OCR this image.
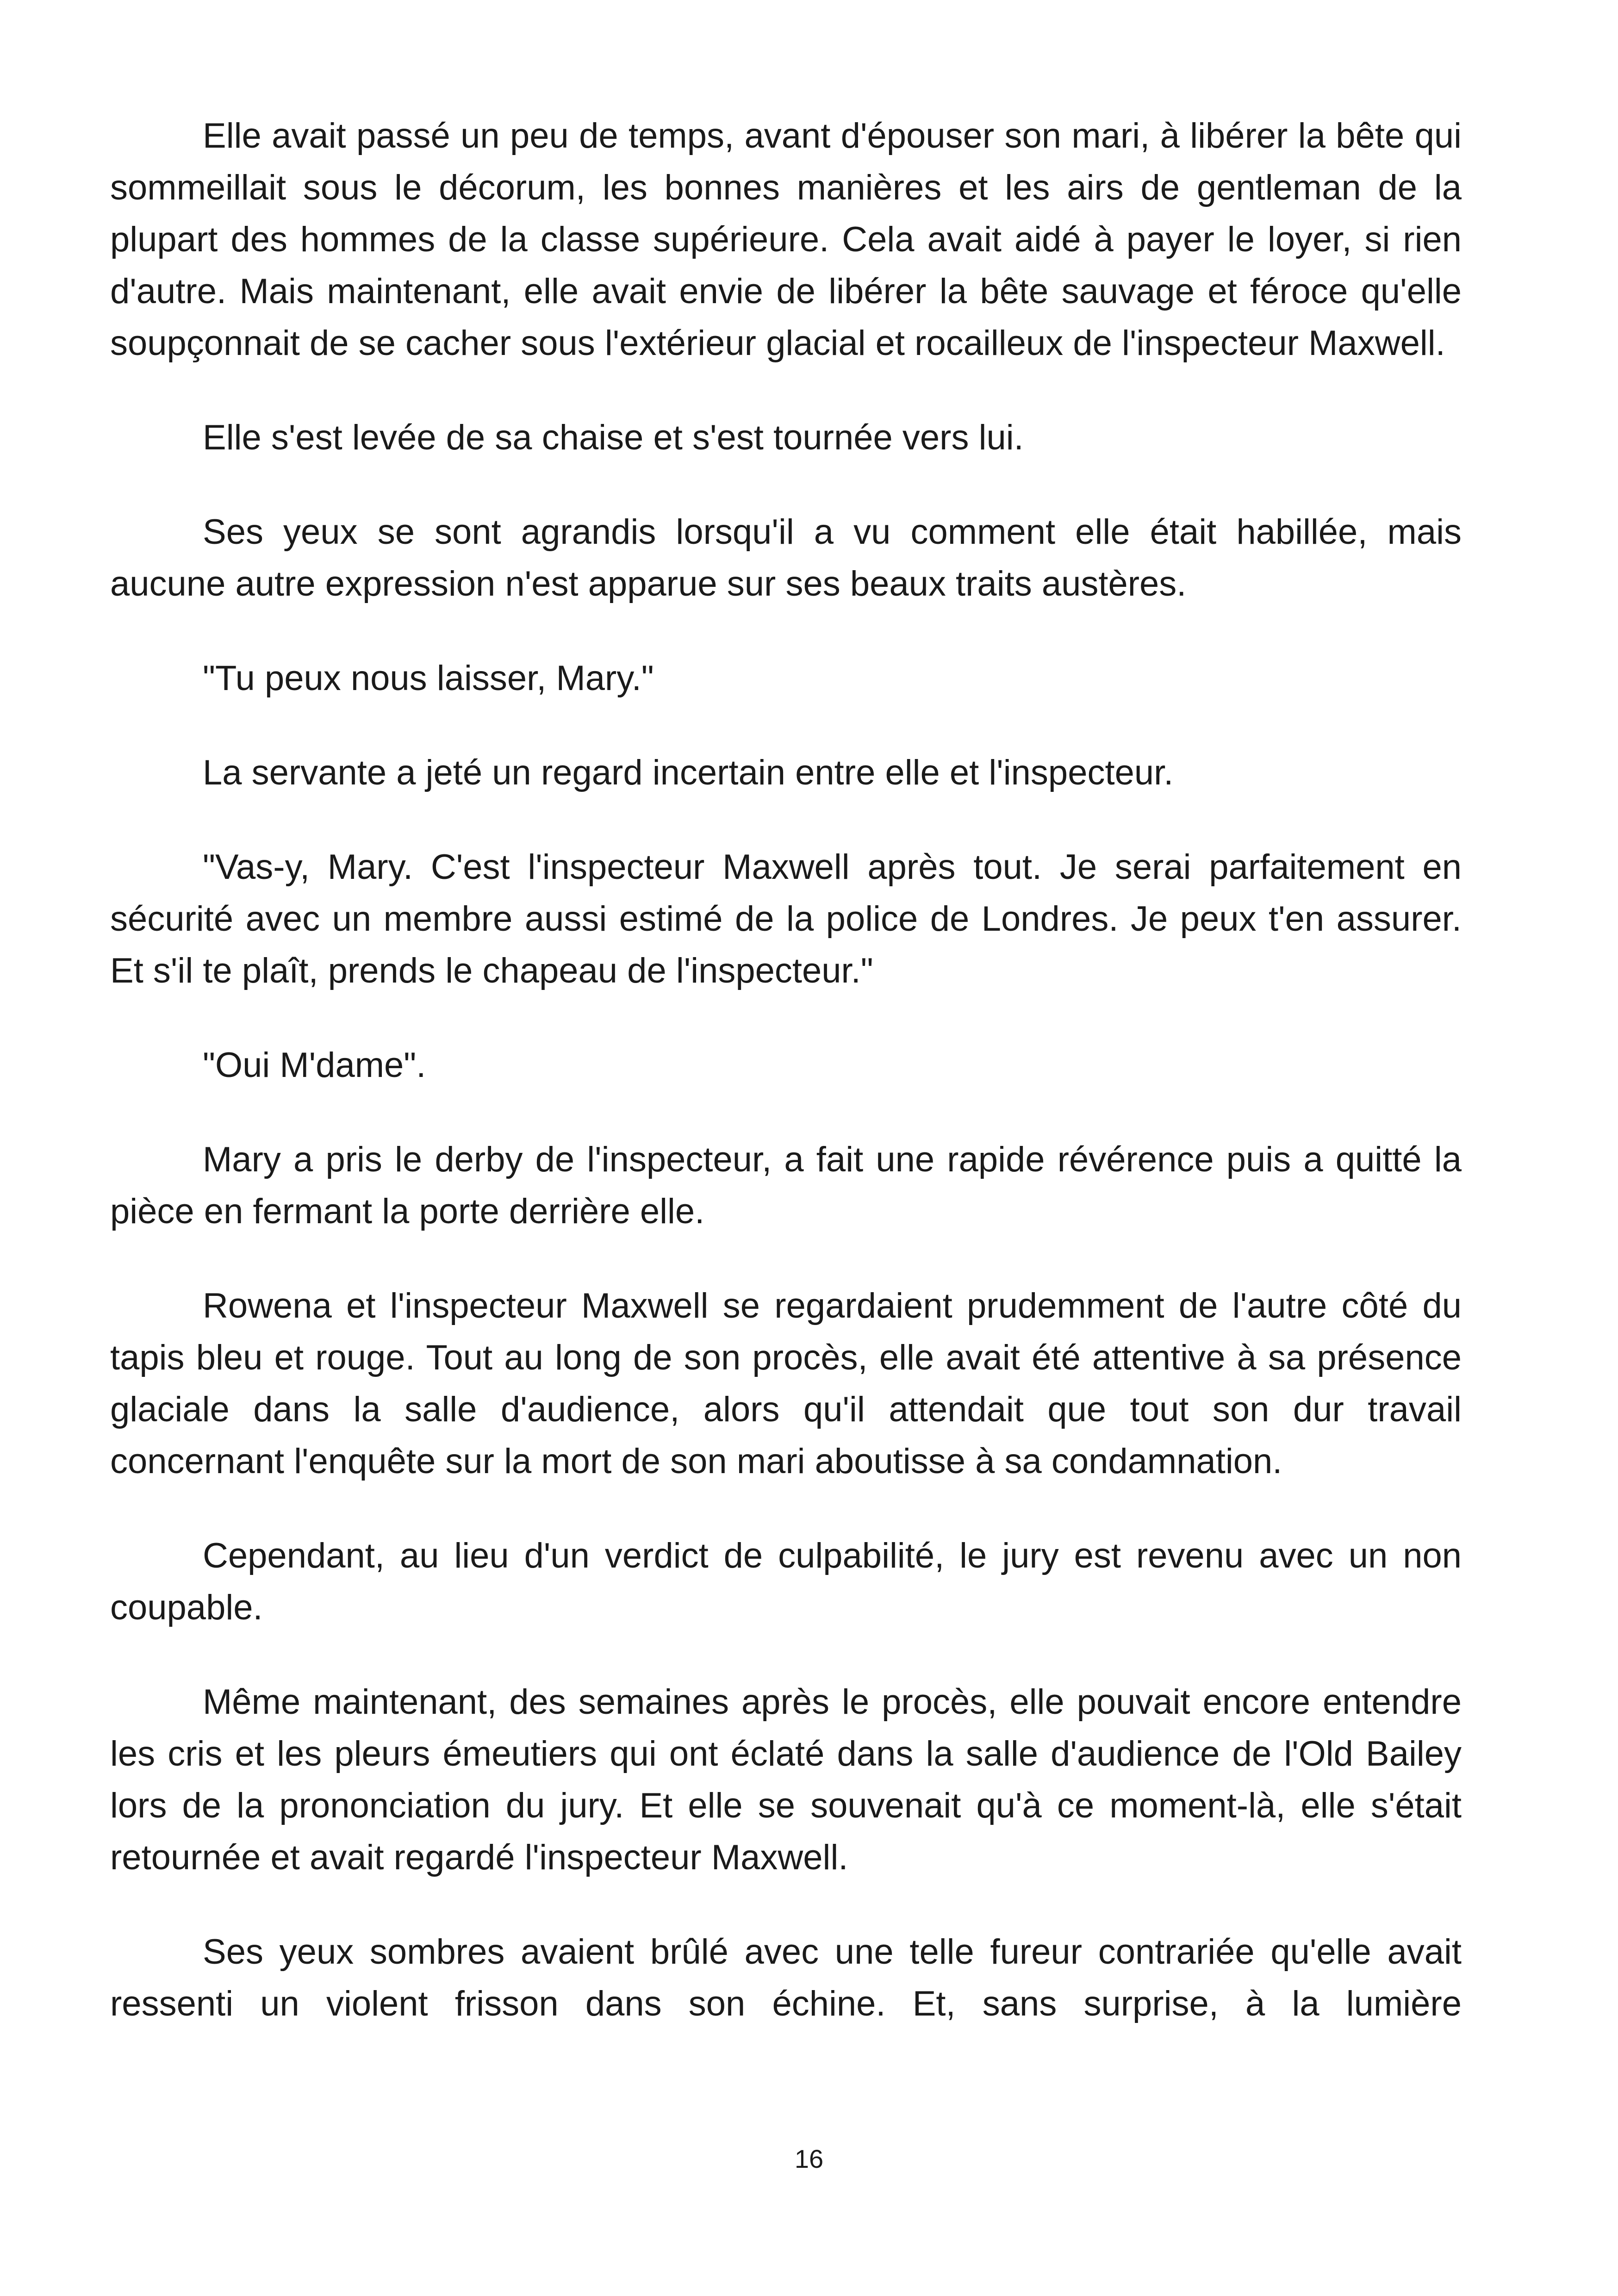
Elle avait passé un peu de temps, avant d'épouser son mari, à libérer la bête qui sommeillait sous le décorum, les bonnes manières et les airs de gentleman de la plupart des hommes de la classe supérieure. Cela avait aidé à payer le loyer, si rien d'autre. Mais maintenant, elle avait envie de libérer la bête sauvage et féroce qu'elle soupçonnait de se cacher sous l'extérieur glacial et rocailleux de l'inspecteur Maxwell.

Elle s'est levée de sa chaise et s'est tournée vers lui.

Ses yeux se sont agrandis lorsqu'il a vu comment elle était habillée, mais aucune autre expression n'est apparue sur ses beaux traits austères.

"Tu peux nous laisser, Mary."

La servante a jeté un regard incertain entre elle et l'inspecteur.

"Vas-y, Mary. C'est l'inspecteur Maxwell après tout. Je serai parfaitement en sécurité avec un membre aussi estimé de la police de Londres. Je peux t'en assurer. Et s'il te plaît, prends le chapeau de l'inspecteur."

"Oui M'dame".

Mary a pris le derby de l'inspecteur, a fait une rapide révérence puis a quitté la pièce en fermant la porte derrière elle.

Rowena et l'inspecteur Maxwell se regardaient prudemment de l'autre côté du tapis bleu et rouge. Tout au long de son procès, elle avait été attentive à sa présence glaciale dans la salle d'audience, alors qu'il attendait que tout son dur travail concernant l'enquête sur la mort de son mari aboutisse à sa condamnation.

Cependant, au lieu d'un verdict de culpabilité, le jury est revenu avec un non coupable.

Même maintenant, des semaines après le procès, elle pouvait encore entendre les cris et les pleurs émeutiers qui ont éclaté dans la salle d'audience de l'Old Bailey lors de la prononciation du jury. Et elle se souvenait qu'à ce moment-là, elle s'était retournée et avait regardé l'inspecteur Maxwell.

Ses yeux sombres avaient brûlé avec une telle fureur contrariée qu'elle avait ressenti un violent frisson dans son échine. Et, sans surprise, à la lumière

16
